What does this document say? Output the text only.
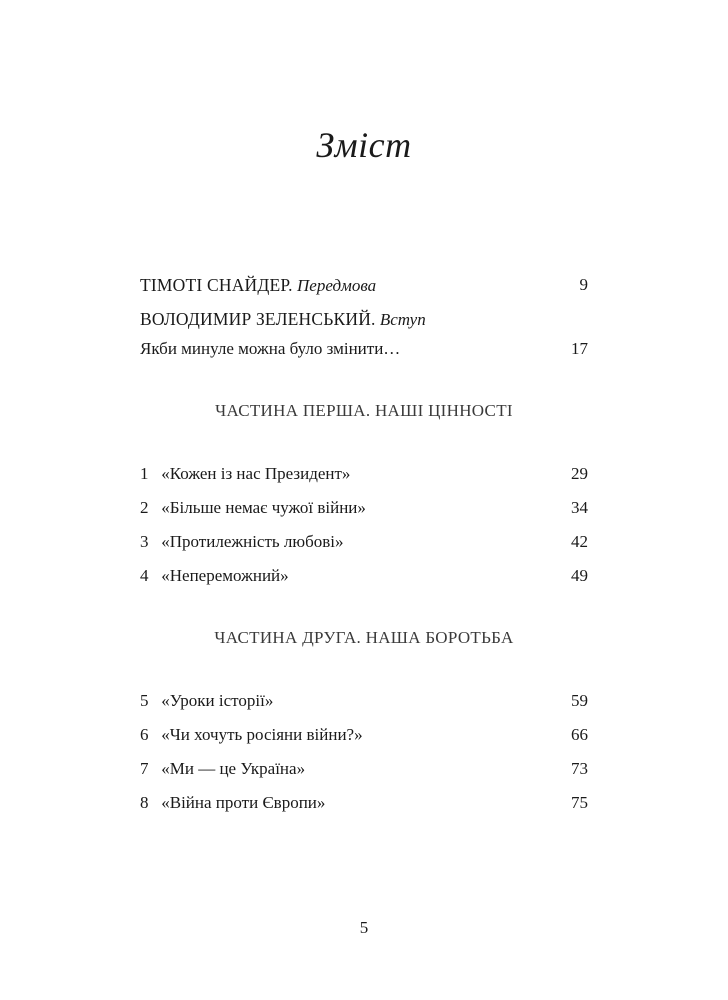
Зміст
ТІМОТІ СНАЙДЕР. Передмова	9
ВОЛОДИМИР ЗЕЛЕНСЬКИЙ. Вступ
Якби минуле можна було змінити…	17
ЧАСТИНА ПЕРША. НАШІ ЦІННОСТІ
1 «Кожен із нас Президент»	29
2 «Більше немає чужої війни»	34
3 «Протилежність любові»	42
4 «Непереможний»	49
ЧАСТИНА ДРУГА. НАША БОРОТЬБА
5 «Уроки історії»	59
6 «Чи хочуть росіяни війни?»	66
7 «Ми — це Україна»	73
8 «Війна проти Європи»	75
5
